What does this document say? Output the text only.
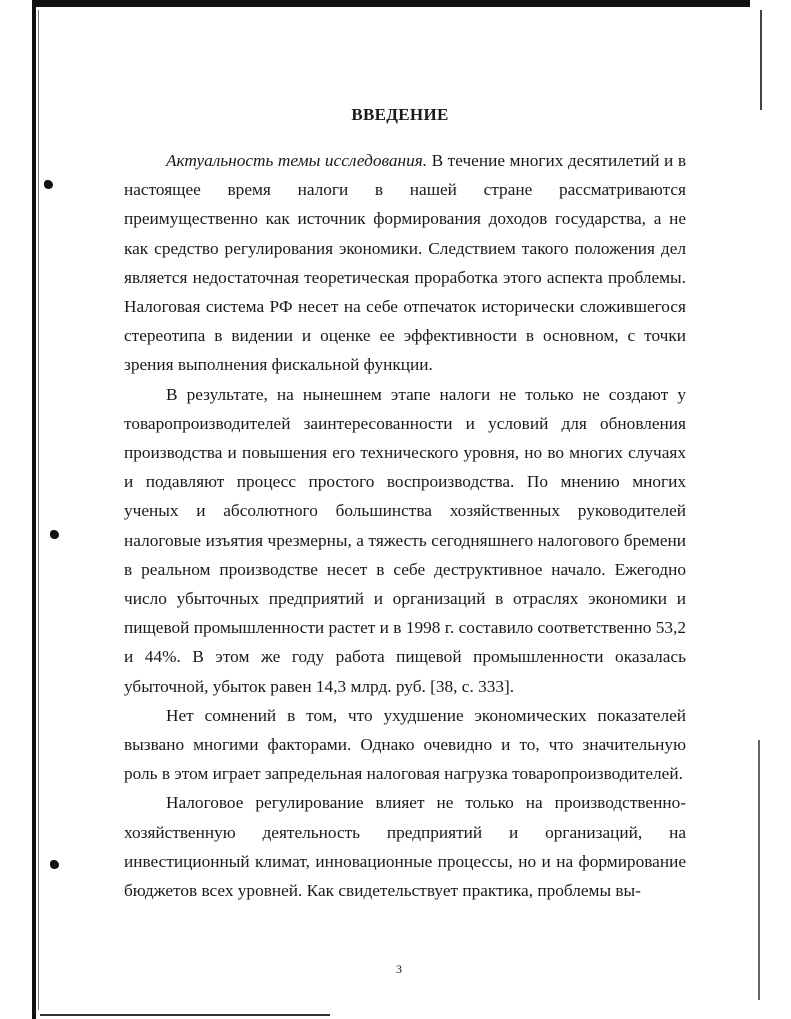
ВВЕДЕНИЕ

Актуальность темы исследования. В течение многих десятилетий и в настоящее время налоги в нашей стране рассматриваются преимущественно как источник формирования доходов государства, а не как средство регулирования экономики. Следствием такого положения дел является недостаточная теоретическая проработка этого аспекта проблемы. Налоговая система РФ несет на себе отпечаток исторически сложившегося стереотипа в видении и оценке ее эффективности в основном, с точки зрения выполнения фискальной функции.

В результате, на нынешнем этапе налоги не только не создают у товаропроизводителей заинтересованности и условий для обновления производства и повышения его технического уровня, но во многих случаях и подавляют процесс простого воспроизводства. По мнению многих ученых и абсолютного большинства хозяйственных руководителей налоговые изъятия чрезмерны, а тяжесть сегодняшнего налогового бремени в реальном производстве несет в себе деструктивное начало. Ежегодно число убыточных предприятий и организаций в отраслях экономики и пищевой промышленности растет и в 1998 г. составило соответственно 53,2 и 44%. В этом же году работа пищевой промышленности оказалась убыточной, убыток равен 14,3 млрд. руб. [38, с. 333].

Нет сомнений в том, что ухудшение экономических показателей вызвано многими факторами. Однако очевидно и то, что значительную роль в этом играет запредельная налоговая нагрузка товаропроизводителей.

Налоговое регулирование влияет не только на производственно-хозяйственную деятельность предприятий и организаций, на инвестиционный климат, инновационные процессы, но и на формирование бюджетов всех уровней. Как свидетельствует практика, проблемы вы-

3
